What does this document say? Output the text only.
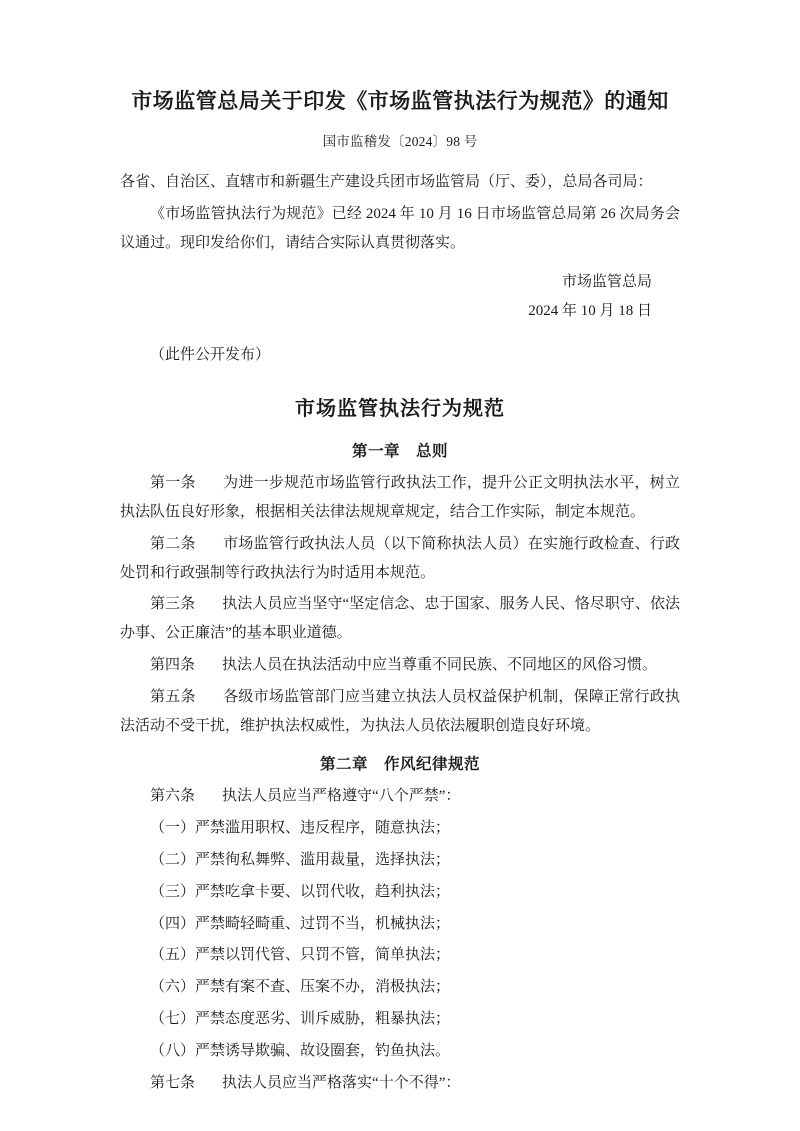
市场监管总局关于印发《市场监管执法行为规范》的通知
国市监稽发〔2024〕98 号

各省、自治区、直辖市和新疆生产建设兵团市场监管局（厅、委），总局各司局：

《市场监管执法行为规范》已经 2024 年 10 月 16 日市场监管总局第 26 次局务会议通过。现印发给你们，请结合实际认真贯彻落实。

市场监管总局
2024 年 10 月 18 日

（此件公开发布）

市场监管执法行为规范
第一章　总则

第一条　 为进一步规范市场监管行政执法工作，提升公正文明执法水平，树立执法队伍良好形象，根据相关法律法规规章规定，结合工作实际，制定本规范。

第二条　 市场监管行政执法人员（以下简称执法人员）在实施行政检查、行政处罚和行政强制等行政执法行为时适用本规范。

第三条　 执法人员应当坚守“坚定信念、忠于国家、服务人民、恪尽职守、依法办事、公正廉洁”的基本职业道德。

第四条　 执法人员在执法活动中应当尊重不同民族、不同地区的风俗习惯。

第五条　 各级市场监管部门应当建立执法人员权益保护机制，保障正常行政执法活动不受干扰，维护执法权威性，为执法人员依法履职创造良好环境。

第二章　作风纪律规范

第六条　 执法人员应当严格遵守“八个严禁”：

（一）严禁滥用职权、违反程序，随意执法；

（二）严禁徇私舞弊、滥用裁量，选择执法；

（三）严禁吃拿卡要、以罚代收，趋利执法；

（四）严禁畸轻畸重、过罚不当，机械执法；

（五）严禁以罚代管、只罚不管，简单执法；

（六）严禁有案不查、压案不办，消极执法；

（七）严禁态度恶劣、训斥威胁，粗暴执法；

（八）严禁诱导欺骗、故设圈套，钓鱼执法。

第七条　 执法人员应当严格落实“十个不得”：
